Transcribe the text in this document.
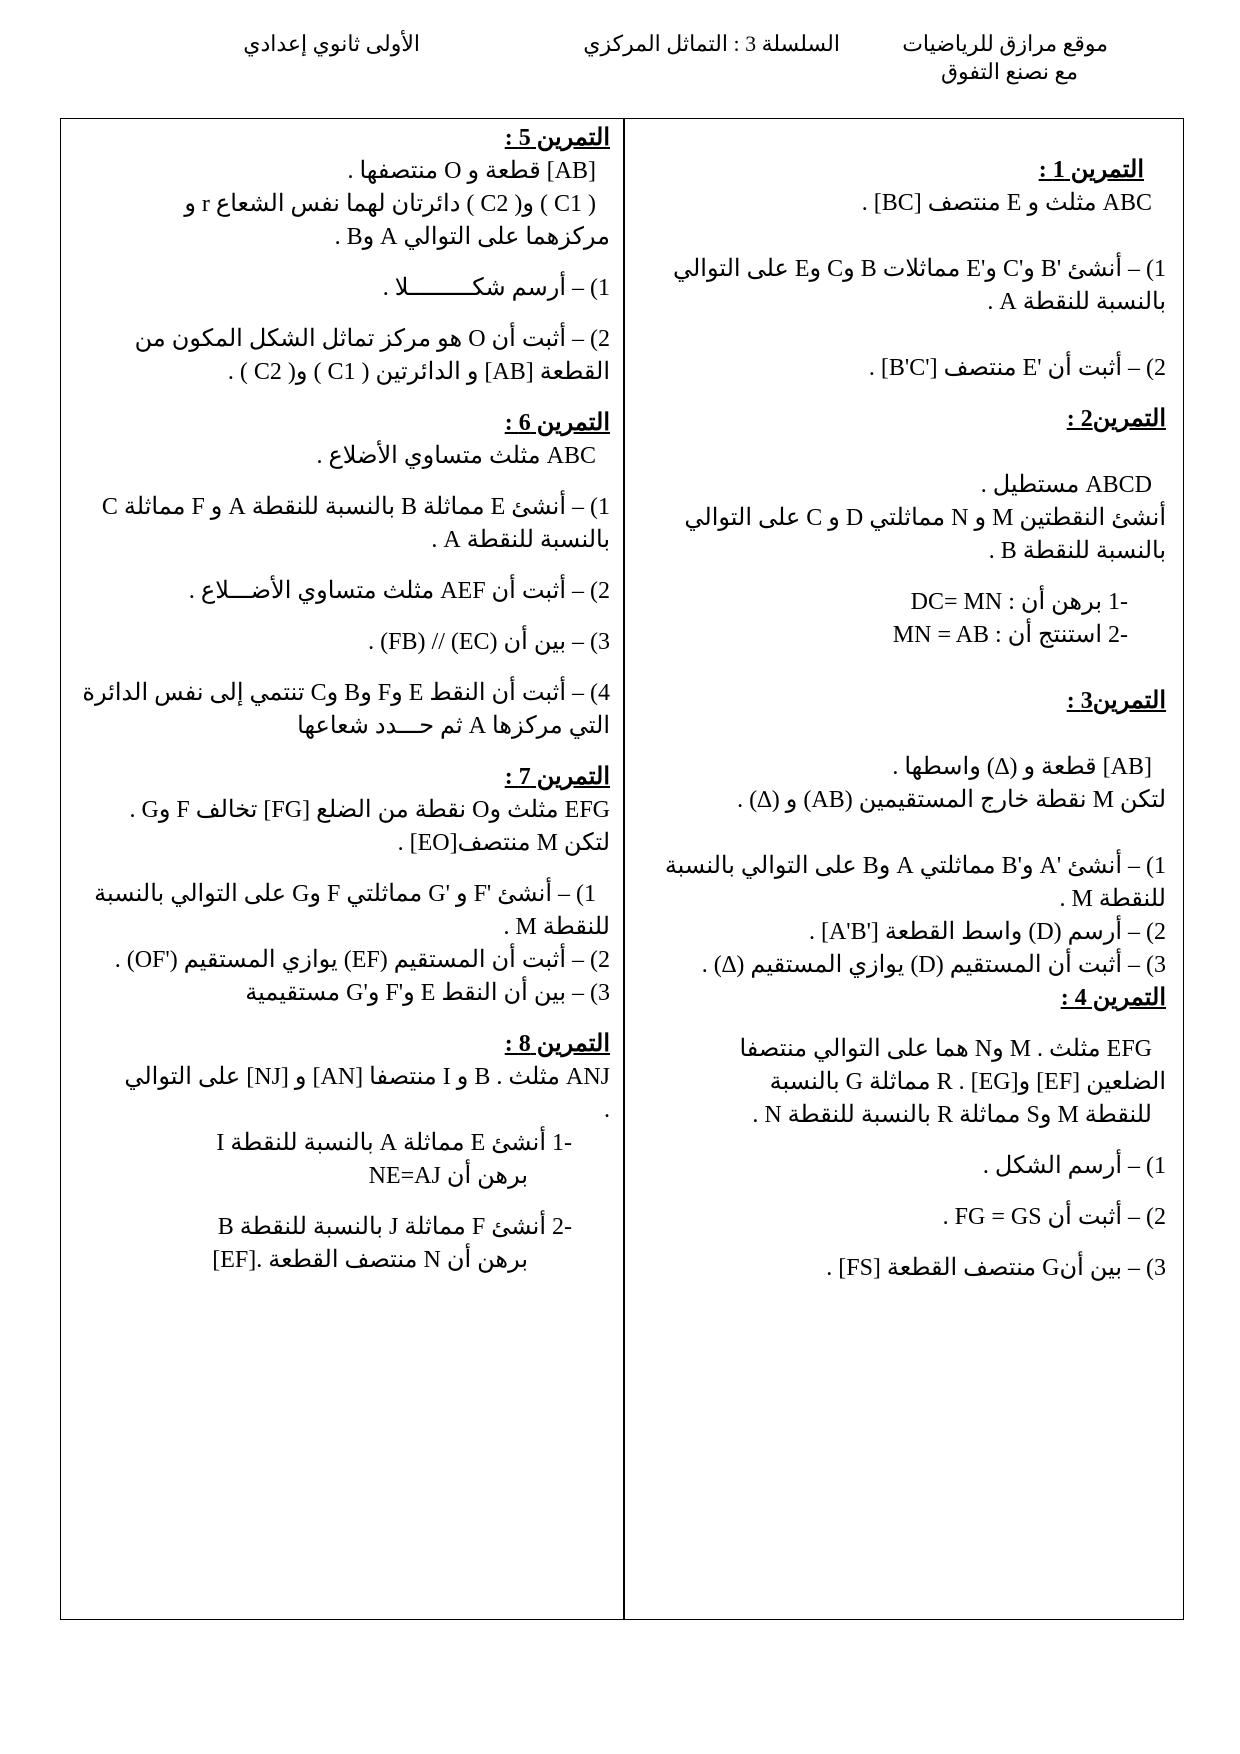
موقع مرازق للرياضيات
مع نصنع التفوق
السلسلة 3 : التماثل المركزي
الأولى ثانوي إعدادي

التمرين 1 :

ABC مثلث و E منتصف [BC] .

1) – أنشئ 'B و'C و'E مماثلات B وC وE على التوالي

بالنسبة للنقطة A .

2) – أثبت أن 'E منتصف ['B'C] .

التمرين2 :

ABCD مستطيل .

أنشئ النقطتين M و N مماثلتي D و C على التوالي

بالنسبة للنقطة B .

-1 برهن أن : DC= MN

-2 استنتج أن : MN = AB

التمرين3 :

[AB] قطعة و (∆) واسطها .

لتكن M نقطة خارج المستقيمين (AB) و (∆) .

1) – أنشئ 'A و'B مماثلتي A وB على التوالي بالنسبة

للنقطة M .

2) – أرسم (D) واسط القطعة ['A'B] .

3) – أثبت أن المستقيم (D) يوازي المستقيم (∆) .

التمرين 4 :

EFG مثلث . M وN هما على التوالي منتصفا

الضلعين [EF] و[EG] . R مماثلة G بالنسبة

للنقطة M وS مماثلة R بالنسبة للنقطة N .

1) – أرسم الشكل .

2) – أثبت أن FG = GS .

3) – بين أنG منتصف القطعة [FS] .

التمرين 5 :

[AB] قطعة و O منتصفها .

( C1 ) و( C2 ) دائرتان لهما نفس الشعاع r و

مركزهما على التوالي A وB .

1) – أرسم شكـــــــــلا .

2) – أثبت أن O هو مركز تماثل الشكل المكون من

القطعة [AB] و الدائرتين ( C1 ) و( C2 ) .

التمرين 6 :

ABC مثلث متساوي الأضلاع .

1) – أنشئ E مماثلة B بالنسبة للنقطة A و F مماثلة C

بالنسبة للنقطة A .

2) – أثبت أن AEF مثلث متساوي الأضـــلاع .

3) – بين أن (EC) // (FB) .

4) – أثبت أن النقط E وF وB وC تنتمي إلى نفس الدائرة

التي مركزها A ثم حـــدد شعاعها

التمرين 7 :

EFG مثلث وO نقطة من الضلع [FG] تخالف F وG .

لتكن M منتصف[EO] .

1) – أنشئ 'F و 'G مماثلتي F وG على التوالي بالنسبة

للنقطة M .

2) – أثبت أن المستقيم (EF) يوازي المستقيم ('OF) .

3) – بين أن النقط E و'F و'G مستقيمية

التمرين 8 :

ANJ مثلث . B و I منتصفا [AN] و [NJ] على التوالي

.

-1 أنشئ E مماثلة A بالنسبة للنقطة I

برهن أن NE=AJ

-2 أنشئ F مماثلة J بالنسبة للنقطة B

برهن أن N منتصف القطعة .[EF]
